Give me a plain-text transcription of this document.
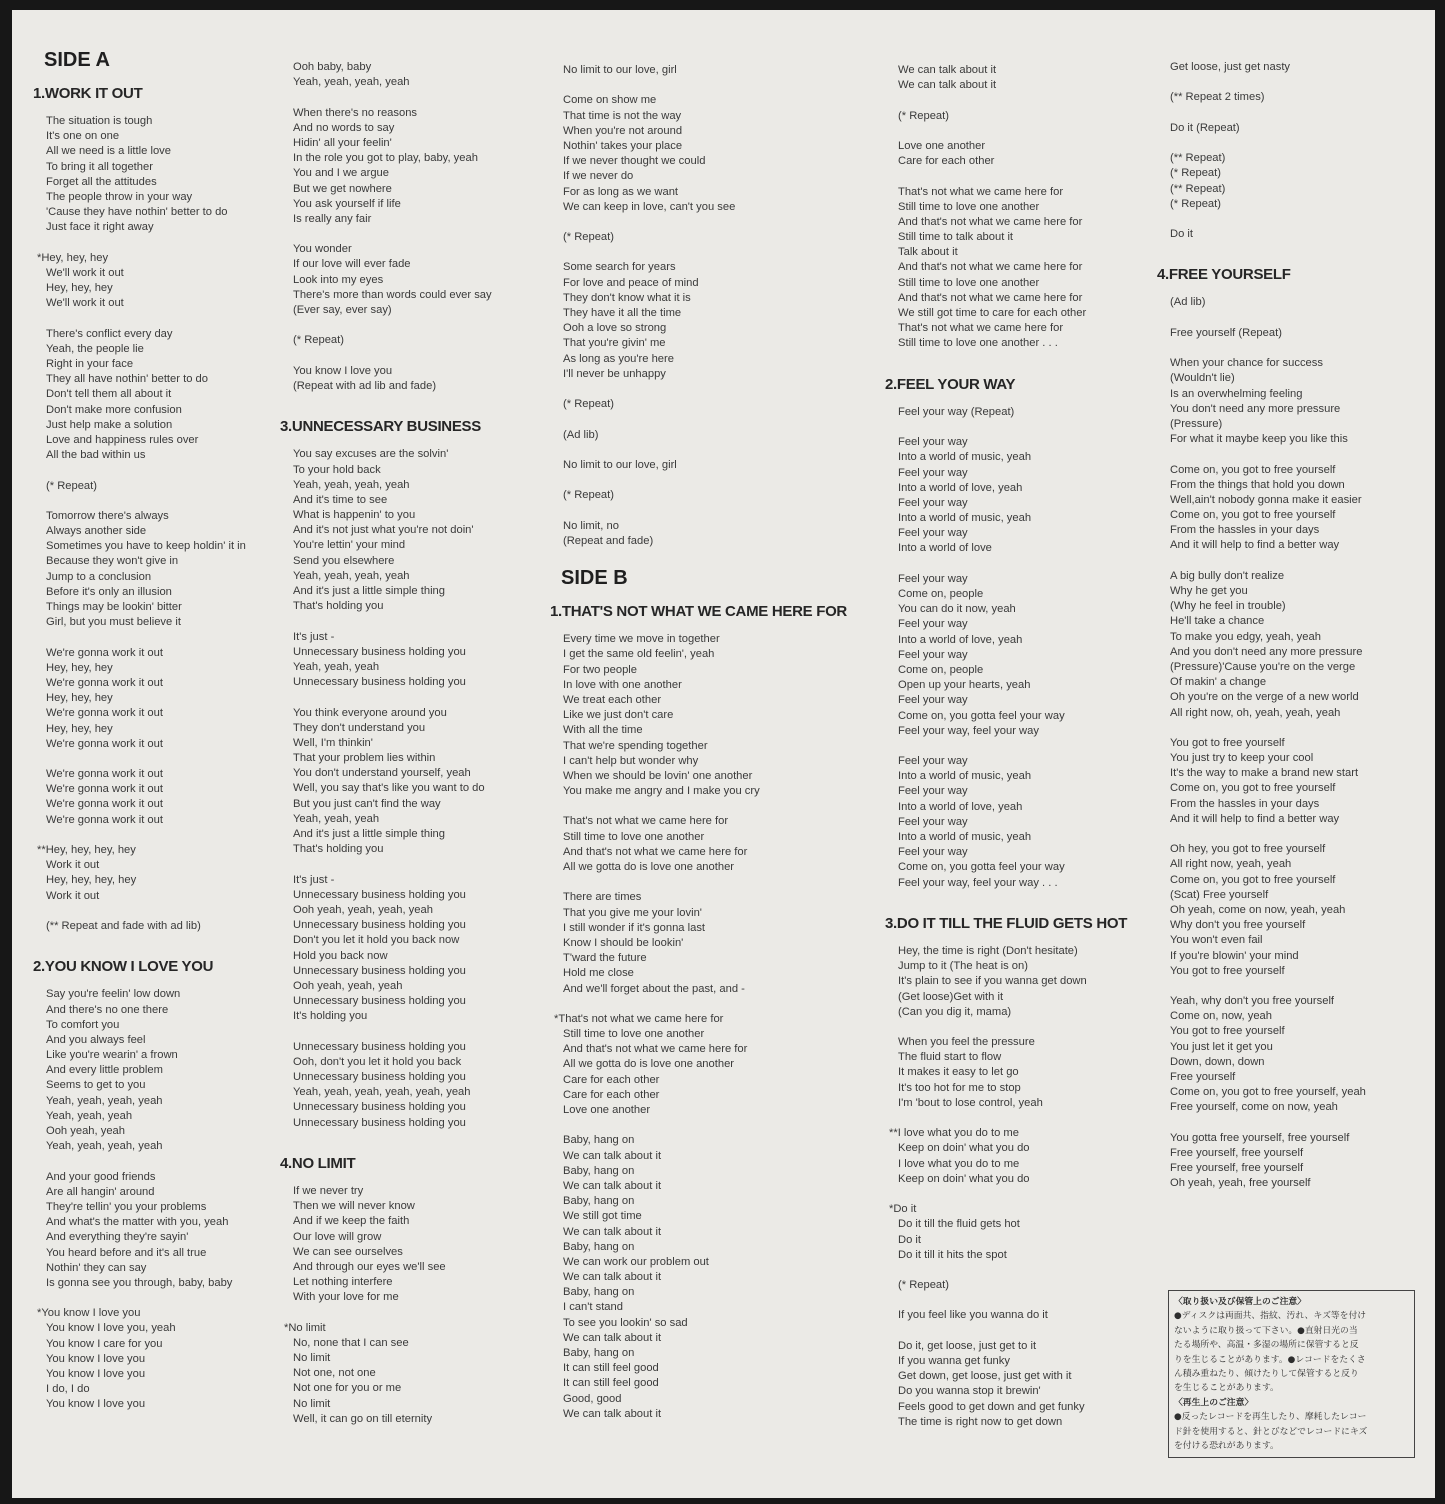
SIDE A
1.WORK IT OUT
The situation is tough
It's one on one
All we need is a little love
To bring it all together
Forget all the attitudes
The people throw in your way
'Cause they have nothin' better to do
Just face it right away
*Hey, hey, hey
We'll work it out
Hey, hey, hey
We'll work it out
There's conflict every day
Yeah, the people lie
Right in your face
They all have nothin' better to do
Don't tell them all about it
Don't make more confusion
Just help make a solution
Love and happiness rules over
All the bad within us
(* Repeat)
Tomorrow there's always
Always another side
Sometimes you have to keep holdin' it in
Because they won't give in
Jump to a conclusion
Before it's only an illusion
Things may be lookin' bitter
Girl, but you must believe it
We're gonna work it out
Hey, hey, hey
We're gonna work it out
Hey, hey, hey
We're gonna work it out
Hey, hey, hey
We're gonna work it out
We're gonna work it out
We're gonna work it out
We're gonna work it out
We're gonna work it out
**Hey, hey, hey, hey
Work it out
Hey, hey, hey, hey
Work it out
(** Repeat and fade with ad lib)
2.YOU KNOW I LOVE YOU
Say you're feelin' low down
And there's no one there
To comfort you
And you always feel
Like you're wearin' a frown
And every little problem
Seems to get to you
Yeah, yeah, yeah, yeah
Yeah, yeah, yeah
Ooh yeah, yeah
Yeah, yeah, yeah, yeah
And your good friends
Are all hangin' around
They're tellin' you your problems
And what's the matter with you, yeah
And everything they're sayin'
You heard before and it's all true
Nothin' they can say
Is gonna see you through, baby, baby
*You know I love you
You know I love you, yeah
You know I care for you
You know I love you
You know I love you
I do, I do
You know I love you
Ooh baby, baby
Yeah, yeah, yeah, yeah
When there's no reasons
And no words to say
Hidin' all your feelin'
In the role you got to play, baby, yeah
You and I we argue
But we get nowhere
You ask yourself if life
Is really any fair
You wonder
If our love will ever fade
Look into my eyes
There's more than words could ever say
(Ever say, ever say)
(* Repeat)
You know I love you
(Repeat with ad lib and fade)
3.UNNECESSARY BUSINESS
You say excuses are the solvin'
To your hold back
Yeah, yeah, yeah, yeah
And it's time to see
What is happenin' to you
And it's not just what you're not doin'
You're lettin' your mind
Send you elsewhere
Yeah, yeah, yeah, yeah
And it's just a little simple thing
That's holding you
It's just -
Unnecessary business holding you
Yeah, yeah, yeah
Unnecessary business holding you
You think everyone around you
They don't understand you
Well, I'm thinkin'
That your problem lies within
You don't understand yourself, yeah
Well, you say that's like you want to do
But you just can't find the way
Yeah, yeah, yeah
And it's just a little simple thing
That's holding you
It's just -
Unnecessary business holding you
Ooh yeah, yeah, yeah, yeah
Unnecessary business holding you
Don't you let it hold you back now
Hold you back now
Unnecessary business holding you
Ooh yeah, yeah, yeah
Unnecessary business holding you
It's holding you
Unnecessary business holding you
Ooh, don't you let it hold you back
Unnecessary business holding you
Yeah, yeah, yeah, yeah, yeah, yeah
Unnecessary business holding you
Unnecessary business holding you
4.NO LIMIT
If we never try
Then we will never know
And if we keep the faith
Our love will grow
We can see ourselves
And through our eyes we'll see
Let nothing interfere
With your love for me
*No limit
No, none that I can see
No limit
Not one, not one
Not one for you or me
No limit
Well, it can go on till eternity
No limit to our love, girl
Come on show me
That time is not the way
When you're not around
Nothin' takes your place
If we never thought we could
If we never do
For as long as we want
We can keep in love, can't you see
(* Repeat)
Some search for years
For love and peace of mind
They don't know what it is
They have it all the time
Ooh a love so strong
That you're givin' me
As long as you're here
I'll never be unhappy
(* Repeat)
(Ad lib)
No limit to our love, girl
(* Repeat)
No limit, no
(Repeat and fade)
SIDE B
1.THAT'S NOT WHAT WE CAME HERE FOR
Every time we move in together
I get the same old feelin', yeah
For two people
In love with one another
We treat each other
Like we just don't care
With all the time
That we're spending together
I can't help but wonder why
When we should be lovin' one another
You make me angry and I make you cry
That's not what we came here for
Still time to love one another
And that's not what we came here for
All we gotta do is love one another
There are times
That you give me your lovin'
I still wonder if it's gonna last
Know I should be lookin'
T'ward the future
Hold me close
And we'll forget about the past, and -
*That's not what we came here for
Still time to love one another
And that's not what we came here for
All we gotta do is love one another
Care for each other
Care for each other
Love one another
Baby, hang on
We can talk about it
Baby, hang on
We can talk about it
Baby, hang on
We still got time
We can talk about it
Baby, hang on
We can work our problem out
We can talk about it
Baby, hang on
I can't stand
To see you lookin' so sad
We can talk about it
Baby, hang on
It can still feel good
It can still feel good
Good, good
We can talk about it
We can talk about it
We can talk about it
(* Repeat)
Love one another
Care for each other
That's not what we came here for
Still time to love one another
And that's not what we came here for
Still time to talk about it
Talk about it
And that's not what we came here for
Still time to love one another
And that's not what we came here for
We still got time to care for each other
That's not what we came here for
Still time to love one another . . .
2.FEEL YOUR WAY
Feel your way (Repeat)
Feel your way
Into a world of music, yeah
Feel your way
Into a world of love, yeah
Feel your way
Into a world of music, yeah
Feel your way
Into a world of love
Feel your way
Come on, people
You can do it now, yeah
Feel your way
Into a world of love, yeah
Feel your way
Come on, people
Open up your hearts, yeah
Feel your way
Come on, you gotta feel your way
Feel your way, feel your way
Feel your way
Into a world of music, yeah
Feel your way
Into a world of love, yeah
Feel your way
Into a world of music, yeah
Feel your way
Come on, you gotta feel your way
Feel your way, feel your way . . .
3.DO IT TILL THE FLUID GETS HOT
Hey, the time is right (Don't hesitate)
Jump to it (The heat is on)
It's plain to see if you wanna get down
(Get loose)Get with it
(Can you dig it, mama)
When you feel the pressure
The fluid start to flow
It makes it easy to let go
It's too hot for me to stop
I'm 'bout to lose control, yeah
**I love what you do to me
Keep on doin' what you do
I love what you do to me
Keep on doin' what you do
*Do it
Do it till the fluid gets hot
Do it
Do it till it hits the spot
(* Repeat)
If you feel like you wanna do it
Do it, get loose, just get to it
If you wanna get funky
Get down, get loose, just get with it
Do you wanna stop it brewin'
Feels good to get down and get funky
The time is right now to get down
Get loose, just get nasty
(** Repeat 2 times)
Do it (Repeat)
(** Repeat)
(* Repeat)
(** Repeat)
(* Repeat)
Do it
4.FREE YOURSELF
(Ad lib)
Free yourself (Repeat)
When your chance for success
(Wouldn't lie)
Is an overwhelming feeling
You don't need any more pressure
(Pressure)
For what it maybe keep you like this
Come on, you got to free yourself
From the things that hold you down
Well,ain't nobody gonna make it easier
Come on, you got to free yourself
From the hassles in your days
And it will help to find a better way
A big bully don't realize
Why he get you
(Why he feel in trouble)
He'll take a chance
To make you edgy, yeah, yeah
And you don't need any more pressure
(Pressure)'Cause you're on the verge
Of makin' a change
Oh you're on the verge of a new world
All right now, oh, yeah, yeah, yeah
You got to free yourself
You just try to keep your cool
It's the way to make a brand new start
Come on, you got to free yourself
From the hassles in your days
And it will help to find a better way
Oh hey, you got to free yourself
All right now, yeah, yeah
Come on, you got to free yourself
(Scat) Free yourself
Oh yeah, come on now, yeah, yeah
Why don't you free yourself
You won't even fail
If you're blowin' your mind
You got to free yourself
Yeah, why don't you free yourself
Come on, now, yeah
You got to free yourself
You just let it get you
Down, down, down
Free yourself
Come on, you got to free yourself, yeah
Free yourself, come on now, yeah
You gotta free yourself, free yourself
Free yourself, free yourself
Free yourself, free yourself
Oh yeah, yeah, free yourself
〈取り扱い及び保管上のご注意〉
●ディスクは両面共、指紋、汚れ、キズ等を付け
ないように取り扱って下さい。●直射日光の当
たる場所や、高温・多湿の場所に保管すると反
りを生じることがあります。●レコードをたくさ
ん積み重ねたり、傾けたりして保管すると反り
を生じることがあります。
〈再生上のご注意〉
●反ったレコードを再生したり、摩耗したレコー
ド針を使用すると、針とびなどでレコードにキズ
を付ける恐れがあります。
